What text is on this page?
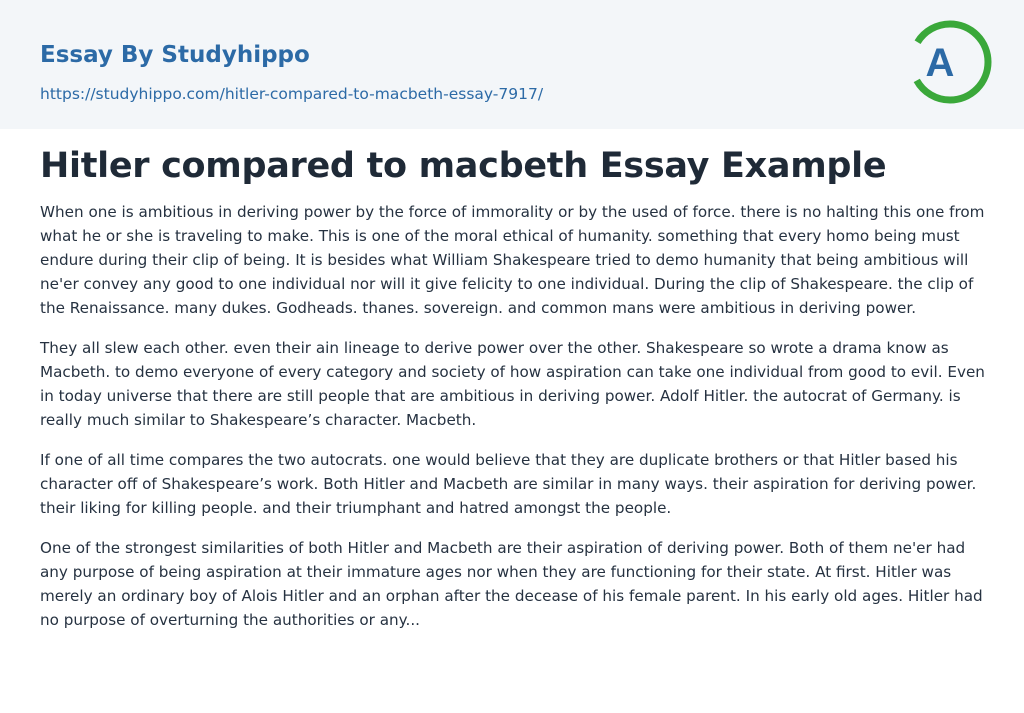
Essay By Studyhippo
https://studyhippo.com/hitler-compared-to-macbeth-essay-7917/
A
Hitler compared to macbeth Essay Example

When one is ambitious in deriving power by the force of immorality or by the used of force. there is no halting this one from what he or she is traveling to make. This is one of the moral ethical of humanity. something that every homo being must endure during their clip of being. It is besides what William Shakespeare tried to demo humanity that being ambitious will ne'er convey any good to one individual nor will it give felicity to one individual. During the clip of Shakespeare. the clip of the Renaissance. many dukes. Godheads. thanes. sovereign. and common mans were ambitious in deriving power.

They all slew each other. even their ain lineage to derive power over the other. Shakespeare so wrote a drama know as Macbeth. to demo everyone of every category and society of how aspiration can take one individual from good to evil. Even in today universe that there are still people that are ambitious in deriving power. Adolf Hitler. the autocrat of Germany. is really much similar to Shakespeare’s character. Macbeth.

If one of all time compares the two autocrats. one would believe that they are duplicate brothers or that Hitler based his character off of Shakespeare’s work. Both Hitler and Macbeth are similar in many ways. their aspiration for deriving power. their liking for killing people. and their triumphant and hatred amongst the people.

One of the strongest similarities of both Hitler and Macbeth are their aspiration of deriving power. Both of them ne'er had any purpose of being aspiration at their immature ages nor when they are functioning for their state. At first. Hitler was merely an ordinary boy of Alois Hitler and an orphan after the decease of his female parent. In his early old ages. Hitler had no purpose of overturning the authorities or any...
